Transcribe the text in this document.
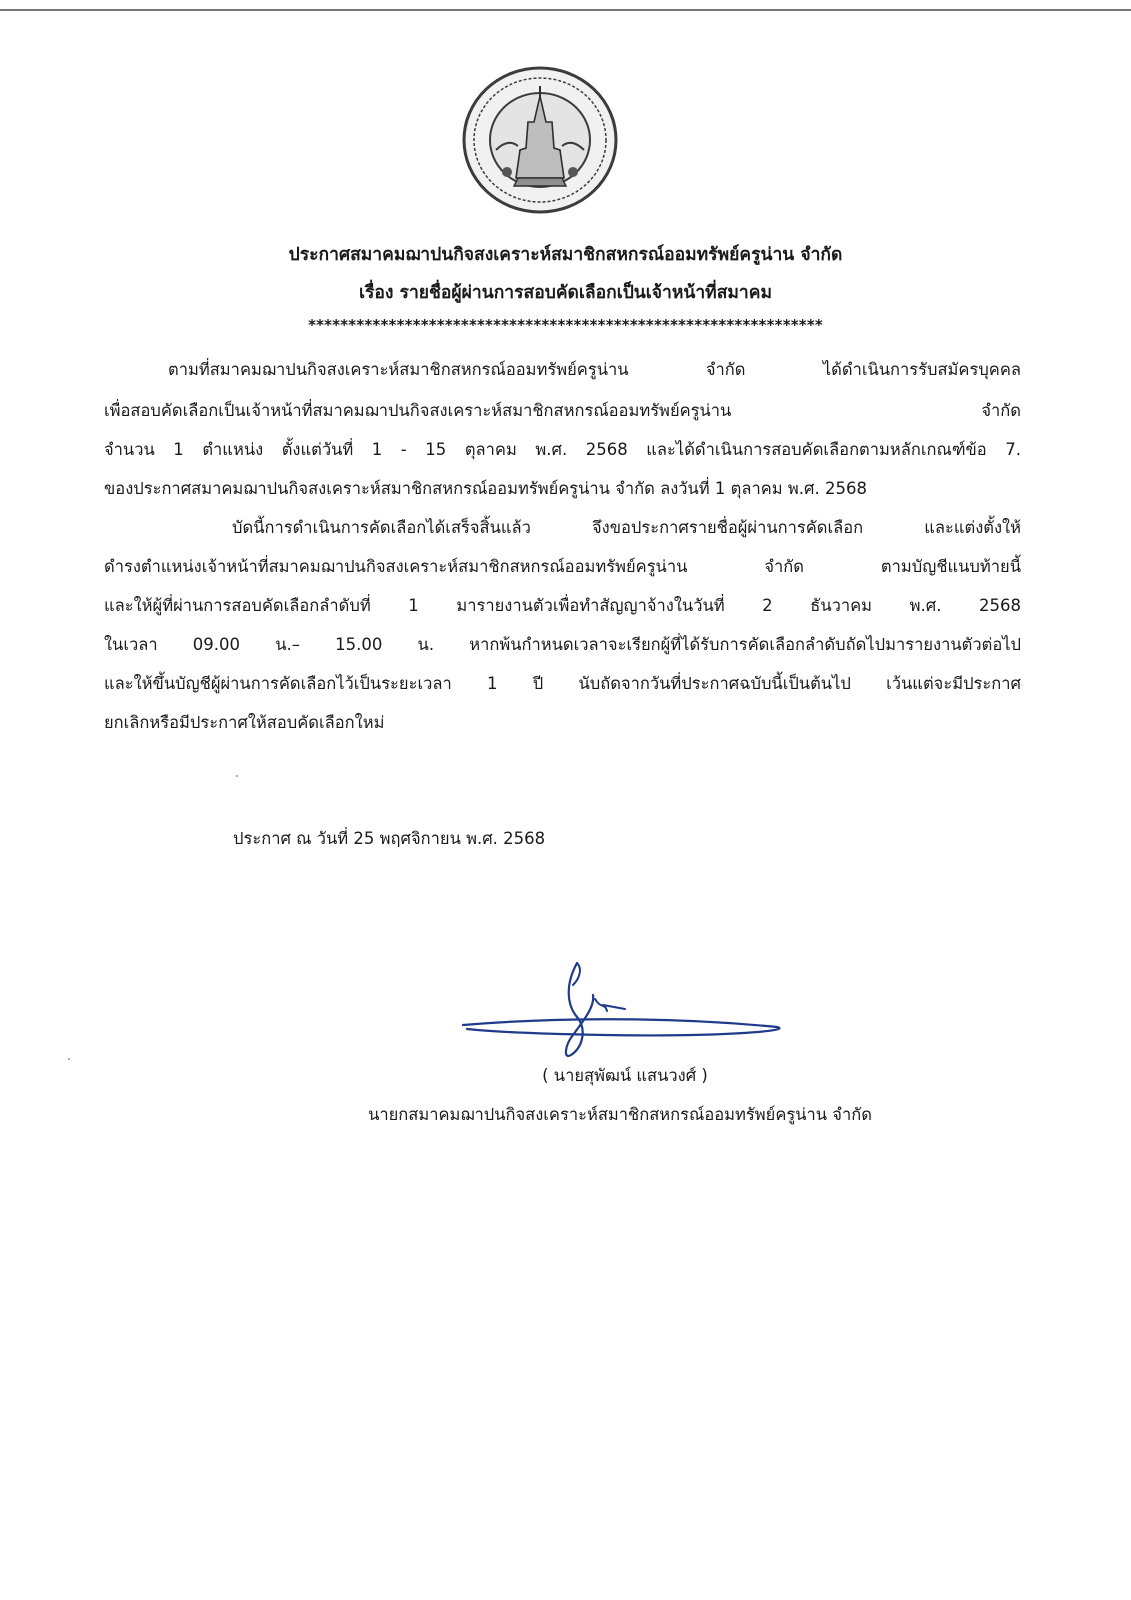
ประกาศสมาคมฌาปนกิจสงเคราะห์สมาชิกสหกรณ์ออมทรัพย์ครูน่าน จำกัด
เรื่อง รายชื่อผู้ผ่านการสอบคัดเลือกเป็นเจ้าหน้าที่สมาคม
****************************************************************
ตามที่สมาคมฌาปนกิจสงเคราะห์สมาชิกสหกรณ์ออมทรัพย์ครูน่าน จำกัด ได้ดำเนินการรับสมัครบุคคล
เพื่อสอบคัดเลือกเป็นเจ้าหน้าที่สมาคมฌาปนกิจสงเคราะห์สมาชิกสหกรณ์ออมทรัพย์ครูน่าน จำกัด
จำนวน 1 ตำแหน่ง ตั้งแต่วันที่ 1 - 15 ตุลาคม พ.ศ. 2568 และได้ดำเนินการสอบคัดเลือกตามหลักเกณฑ์ข้อ 7.
ของประกาศสมาคมฌาปนกิจสงเคราะห์สมาชิกสหกรณ์ออมทรัพย์ครูน่าน จำกัด ลงวันที่ 1 ตุลาคม พ.ศ. 2568
บัดนี้การดำเนินการคัดเลือกได้เสร็จสิ้นแล้ว จึงขอประกาศรายชื่อผู้ผ่านการคัดเลือก และแต่งตั้งให้
ดำรงตำแหน่งเจ้าหน้าที่สมาคมฌาปนกิจสงเคราะห์สมาชิกสหกรณ์ออมทรัพย์ครูน่าน จำกัด ตามบัญชีแนบท้ายนี้
และให้ผู้ที่ผ่านการสอบคัดเลือกลำดับที่ 1 มารายงานตัวเพื่อทำสัญญาจ้างในวันที่ 2 ธันวาคม พ.ศ. 2568
ในเวลา 09.00 น.– 15.00 น. หากพ้นกำหนดเวลาจะเรียกผู้ที่ได้รับการคัดเลือกลำดับถัดไปมารายงานตัวต่อไป
และให้ขึ้นบัญชีผู้ผ่านการคัดเลือกไว้เป็นระยะเวลา 1 ปี นับถัดจากวันที่ประกาศฉบับนี้เป็นต้นไป เว้นแต่จะมีประกาศ
ยกเลิกหรือมีประกาศให้สอบคัดเลือกใหม่
ประกาศ ณ วันที่ 25 พฤศจิกายน พ.ศ. 2568
( นายสุพัฒน์ แสนวงศ์ )
นายกสมาคมฌาปนกิจสงเคราะห์สมาชิกสหกรณ์ออมทรัพย์ครูน่าน จำกัด
